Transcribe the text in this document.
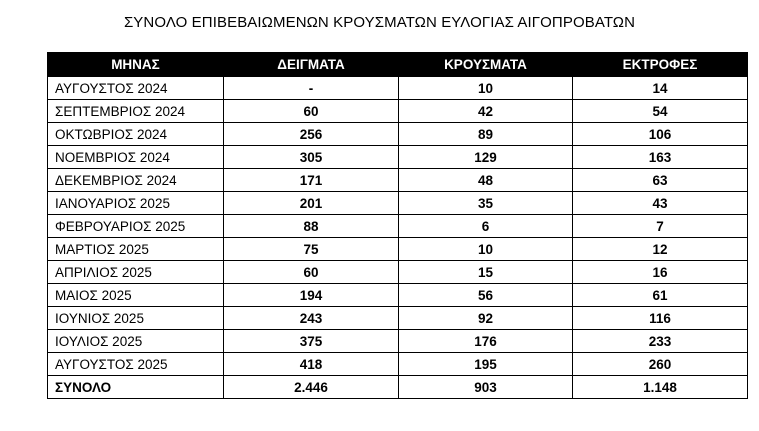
ΣΥΝΟΛΟ ΕΠΙΒΕΒΑΙΩΜΕΝΩΝ ΚΡΟΥΣΜΑΤΩΝ ΕΥΛΟΓΙΑΣ ΑΙΓΟΠΡΟΒΑΤΩΝ
ΜΗΝΑΣ	ΔΕΙΓΜΑΤΑ	ΚΡΟΥΣΜΑΤΑ	ΕΚΤΡΟΦΕΣ
ΑΥΓΟΥΣΤΟΣ 2024	-	10	14
ΣΕΠΤΕΜΒΡΙΟΣ 2024	60	42	54
ΟΚΤΩΒΡΙΟΣ 2024	256	89	106
ΝΟΕΜΒΡΙΟΣ 2024	305	129	163
ΔΕΚΕΜΒΡΙΟΣ 2024	171	48	63
ΙΑΝΟΥΑΡΙΟΣ 2025	201	35	43
ΦΕΒΡΟΥΑΡΙΟΣ 2025	88	6	7
ΜΑΡΤΙΟΣ 2025	75	10	12
ΑΠΡΙΛΙΟΣ 2025	60	15	16
ΜΑΙΟΣ 2025	194	56	61
ΙΟΥΝΙΟΣ 2025	243	92	116
ΙΟΥΛΙΟΣ 2025	375	176	233
ΑΥΓΟΥΣΤΟΣ 2025	418	195	260
ΣΥΝΟΛΟ	2.446	903	1.148
